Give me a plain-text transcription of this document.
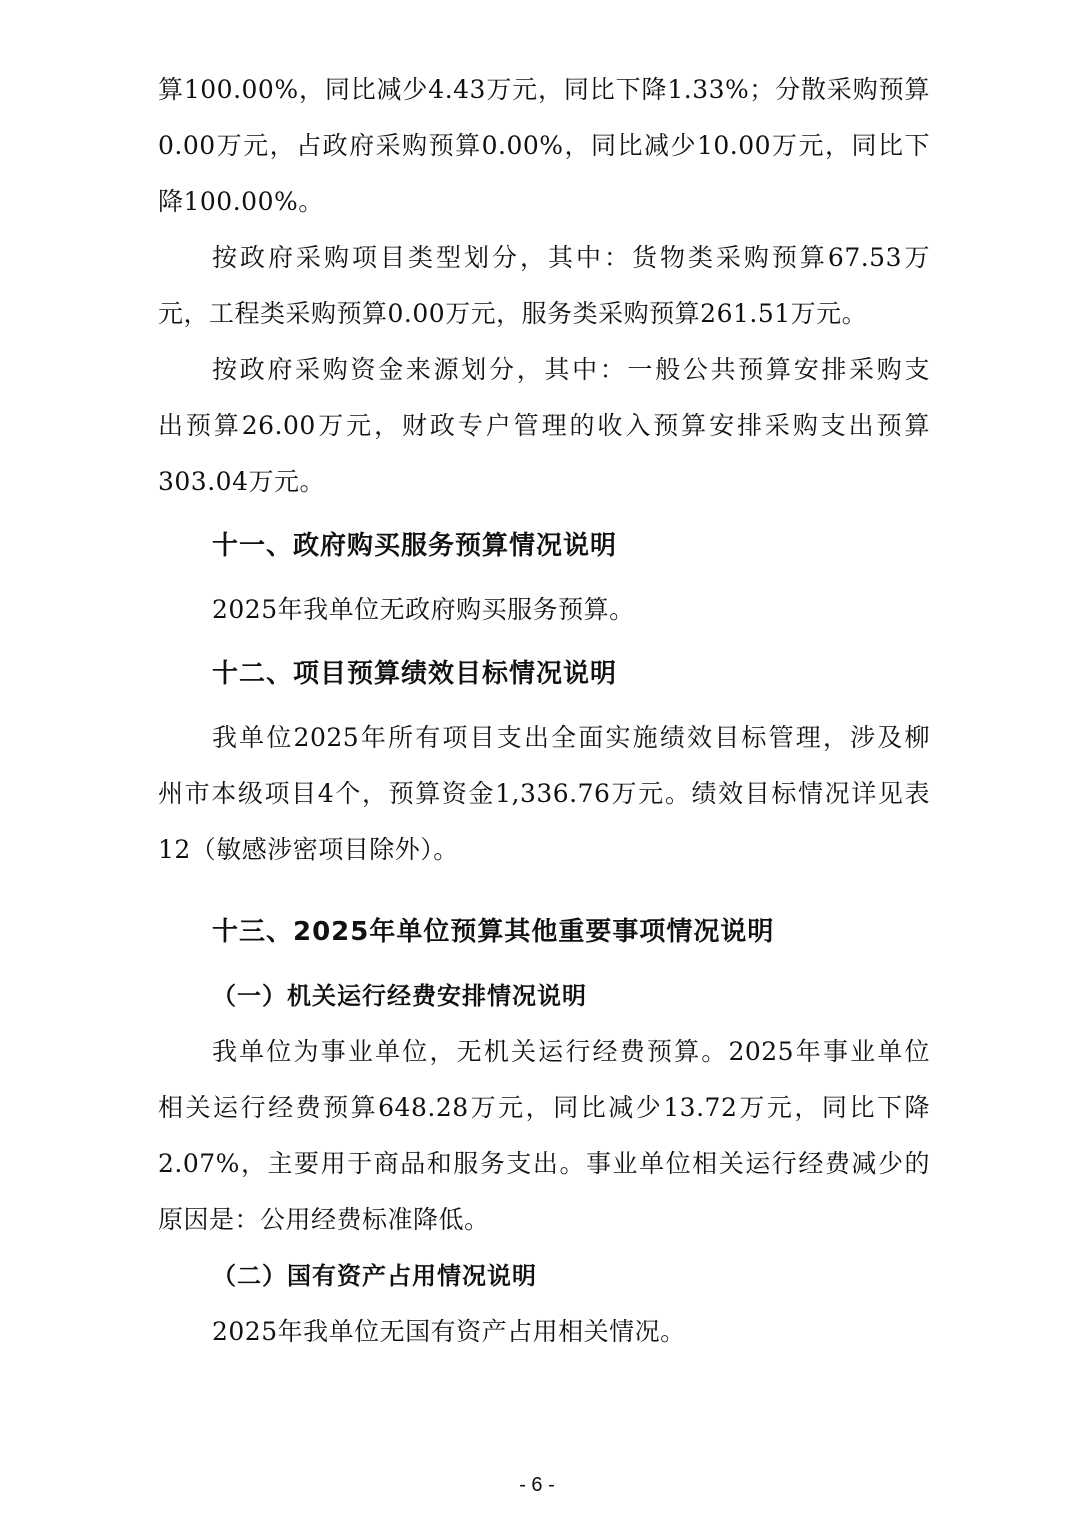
算100.00%，同比减少4.43万元，同比下降1.33%；分散采购预算
0.00万元，占政府采购预算0.00%，同比减少10.00万元，同比下
降100.00%。
按政府采购项目类型划分，其中：货物类采购预算67.53万
元，工程类采购预算0.00万元，服务类采购预算261.51万元。
按政府采购资金来源划分，其中：一般公共预算安排采购支
出预算26.00万元，财政专户管理的收入预算安排采购支出预算
303.04万元。
十一、政府购买服务预算情况说明
2025年我单位无政府购买服务预算。
十二、项目预算绩效目标情况说明
我单位2025年所有项目支出全面实施绩效目标管理，涉及柳
州市本级项目4个，预算资金1,336.76万元。绩效目标情况详见表
12（敏感涉密项目除外）。
十三、2025年单位预算其他重要事项情况说明
（一）机关运行经费安排情况说明
我单位为事业单位，无机关运行经费预算。2025年事业单位
相关运行经费预算648.28万元，同比减少13.72万元，同比下降
2.07%，主要用于商品和服务支出。事业单位相关运行经费减少的
原因是：公用经费标准降低。
（二）国有资产占用情况说明
2025年我单位无国有资产占用相关情况。
- 6 -
